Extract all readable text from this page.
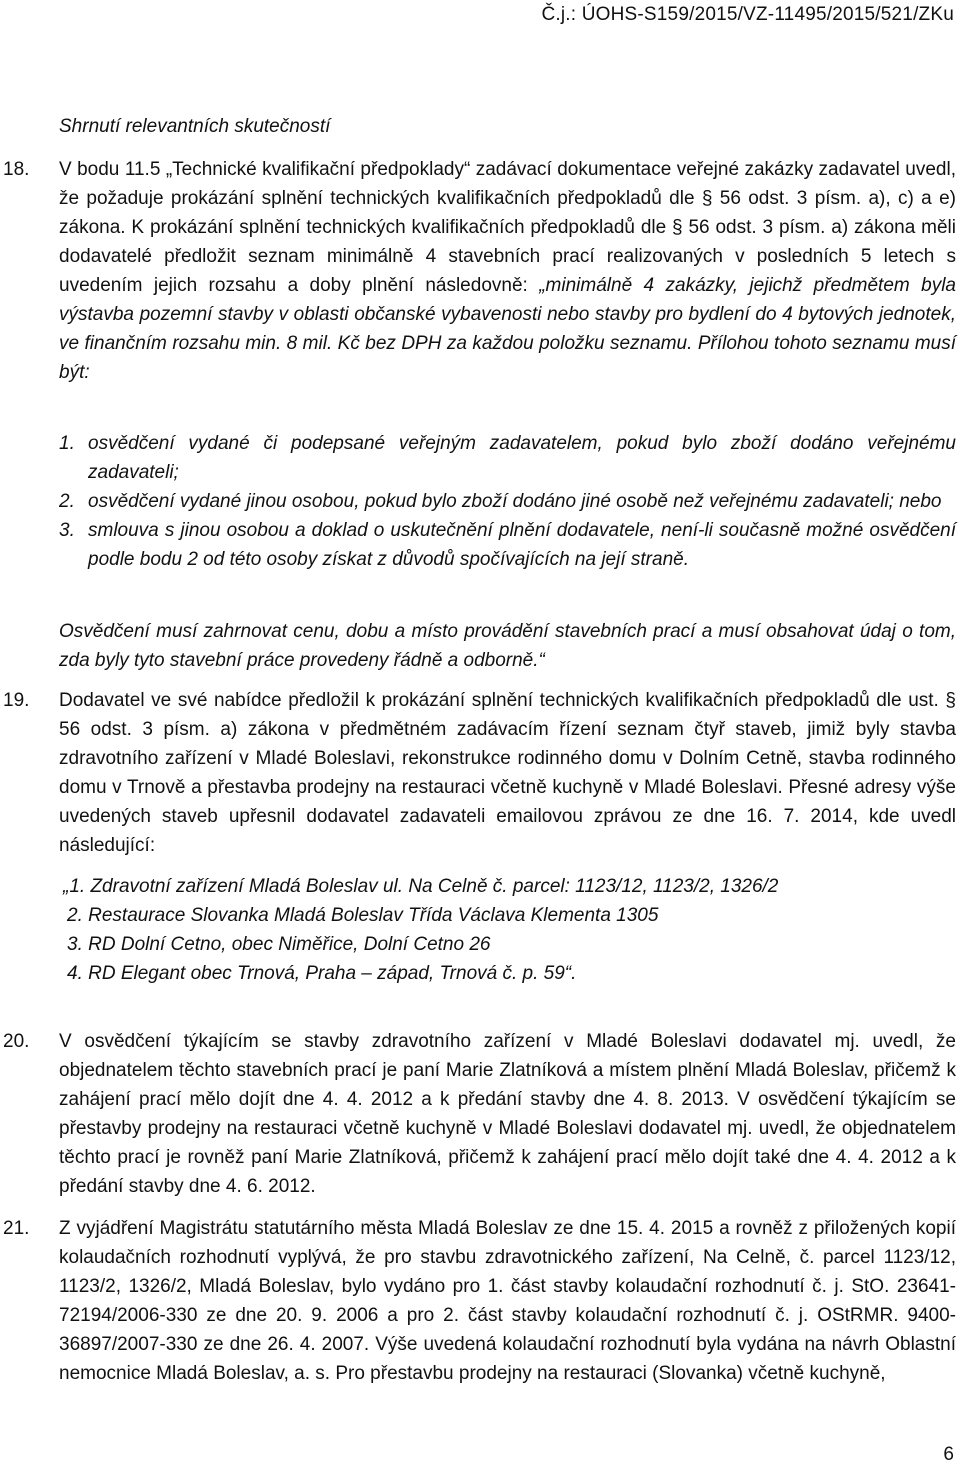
Č.j.: ÚOHS-S159/2015/VZ-11495/2015/521/ZKu
Shrnutí relevantních skutečností
18. V bodu 11.5 „Technické kvalifikační předpoklady“ zadávací dokumentace veřejné zakázky zadavatel uvedl, že požaduje prokázání splnění technických kvalifikačních předpokladů dle § 56 odst. 3 písm. a), c) a e) zákona. K prokázání splnění technických kvalifikačních předpokladů dle § 56 odst. 3 písm. a) zákona měli dodavatelé předložit seznam minimálně 4 stavebních prací realizovaných v posledních 5 letech s uvedením jejich rozsahu a doby plnění následovně: „minimálně 4 zakázky, jejichž předmětem byla výstavba pozemní stavby v oblasti občanské vybavenosti nebo stavby pro bydlení do 4 bytových jednotek, ve finančním rozsahu min. 8 mil. Kč bez DPH za každou položku seznamu. Přílohou tohoto seznamu musí být:
1. osvědčení vydané či podepsané veřejným zadavatelem, pokud bylo zboží dodáno veřejnému zadavateli;
2. osvědčení vydané jinou osobou, pokud bylo zboží dodáno jiné osobě než veřejnému zadavateli; nebo
3. smlouva s jinou osobou a doklad o uskutečnění plnění dodavatele, není-li současně možné osvědčení podle bodu 2 od této osoby získat z důvodů spočívajících na její straně.
Osvědčení musí zahrnovat cenu, dobu a místo provádění stavebních prací a musí obsahovat údaj o tom, zda byly tyto stavební práce provedeny řádně a odborně.“
19. Dodavatel ve své nabídce předložil k prokázání splnění technických kvalifikačních předpokladů dle ust. § 56 odst. 3 písm. a) zákona v předmětném zadávacím řízení seznam čtyř staveb, jimiž byly stavba zdravotního zařízení v Mladé Boleslavi, rekonstrukce rodinného domu v Dolním Cetně, stavba rodinného domu v Trnově a přestavba prodejny na restauraci včetně kuchyně v Mladé Boleslavi. Přesné adresy výše uvedených staveb upřesnil dodavatel zadavateli emailovou zprávou ze dne 16. 7. 2014, kde uvedl následující:
„1. Zdravotní zařízení Mladá Boleslav ul. Na Celně č. parcel: 1123/12, 1123/2, 1326/2
2. Restaurace Slovanka Mladá Boleslav Třída Václava Klementa 1305
3. RD Dolní Cetno, obec Niměřice, Dolní Cetno 26
4. RD Elegant obec Trnová, Praha – západ, Trnová č. p. 59“.
20. V osvědčení týkajícím se stavby zdravotního zařízení v Mladé Boleslavi dodavatel mj. uvedl, že objednatelem těchto stavebních prací je paní Marie Zlatníková a místem plnění Mladá Boleslav, přičemž k zahájení prací mělo dojít dne 4. 4. 2012 a k předání stavby dne 4. 8. 2013. V osvědčení týkajícím se přestavby prodejny na restauraci včetně kuchyně v Mladé Boleslavi dodavatel mj. uvedl, že objednatelem těchto prací je rovněž paní Marie Zlatníková, přičemž k zahájení prací mělo dojít také dne 4. 4. 2012 a k předání stavby dne 4. 6. 2012.
21. Z vyjádření Magistrátu statutárního města Mladá Boleslav ze dne 15. 4. 2015 a rovněž z přiložených kopií kolaudačních rozhodnutí vyplývá, že pro stavbu zdravotnického zařízení, Na Celně, č. parcel 1123/12, 1123/2, 1326/2, Mladá Boleslav, bylo vydáno pro 1. část stavby kolaudační rozhodnutí č. j. StO. 23641-72194/2006-330 ze dne 20. 9. 2006 a pro 2. část stavby kolaudační rozhodnutí č. j. OStRMR. 9400-36897/2007-330 ze dne 26. 4. 2007. Výše uvedená kolaudační rozhodnutí byla vydána na návrh Oblastní nemocnice Mladá Boleslav, a. s. Pro přestavbu prodejny na restauraci (Slovanka) včetně kuchyně,
6
